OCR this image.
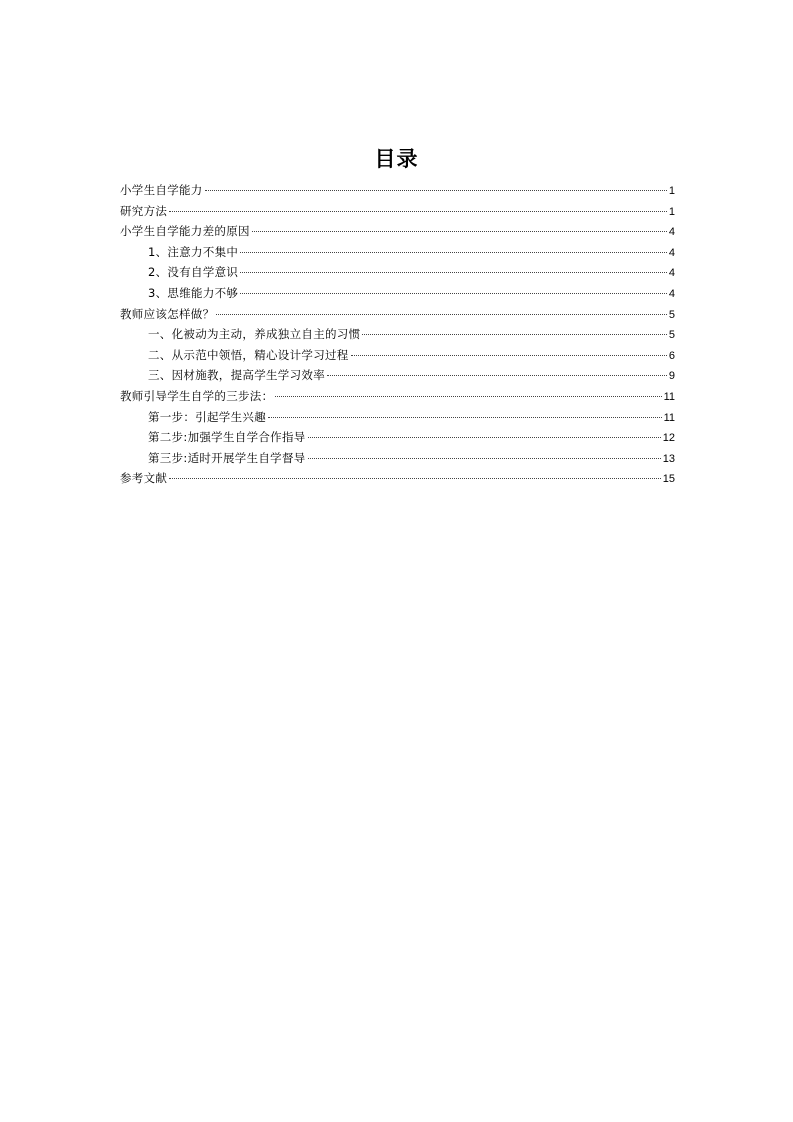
目录
小学生自学能力	1
研究方法	1
小学生自学能力差的原因	4
1、注意力不集中	4
2、没有自学意识	4
3、思维能力不够	4
教师应该怎样做？	5
一、化被动为主动，养成独立自主的习惯	5
二、从示范中领悟，精心设计学习过程	6
三、因材施教，提高学生学习效率	9
教师引导学生自学的三步法：	11
第一步：引起学生兴趣	11
第二步:加强学生自学合作指导	12
第三步:适时开展学生自学督导	13
参考文献	15
